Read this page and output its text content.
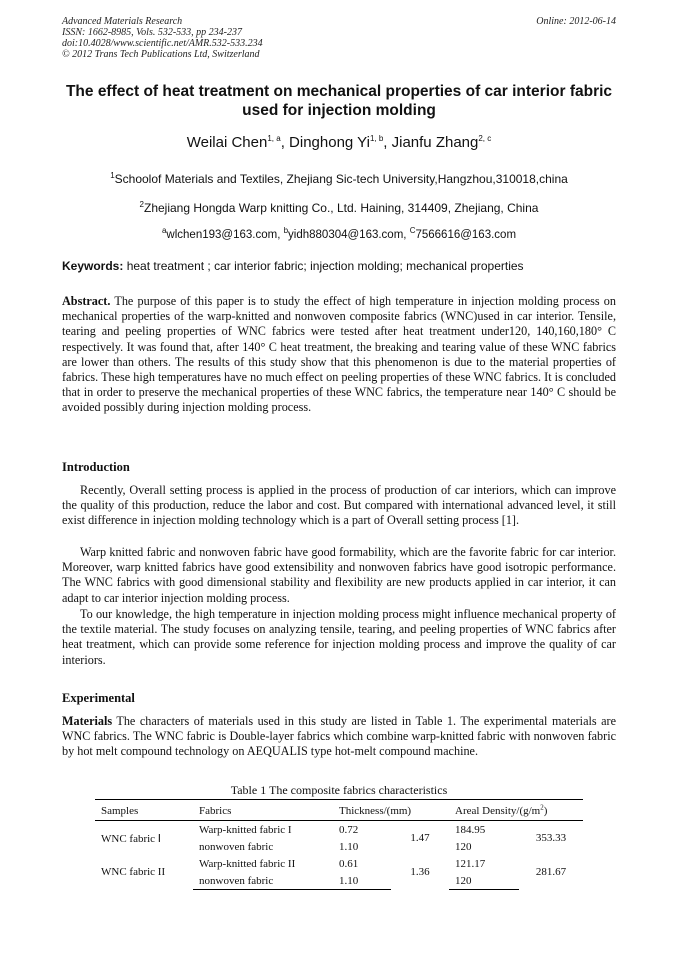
Advanced Materials Research
ISSN: 1662-8985, Vols. 532-533, pp 234-237
doi:10.4028/www.scientific.net/AMR.532-533.234
© 2012 Trans Tech Publications Ltd, Switzerland
Online: 2012-06-14
The effect of heat treatment on mechanical properties of car interior fabric used for injection molding
Weilai Chen$^{1, a}$, Dinghong Yi$^{1, b}$, Jianfu Zhang$^{2, c}$
$^1$Schoolof Materials and Textiles, Zhejiang Sic-tech University,Hangzhou,310018,china
$^2$Zhejiang Hongda Warp knitting Co., Ltd. Haining, 314409, Zhejiang, China
$^a$wlchen193@163.com, $^b$yidh880304@163.com, $^C$7566616@163.com
Keywords: heat treatment ; car interior fabric; injection molding; mechanical properties
Abstract. The purpose of this paper is to study the effect of high temperature in injection molding process on mechanical properties of the warp-knitted and nonwoven composite fabrics (WNC)used in car interior. Tensile, tearing and peeling properties of WNC fabrics were tested after heat treatment under120, 140,160,180° C respectively. It was found that, after 140° C heat treatment, the breaking and tearing value of these WNC fabrics are lower than others. The results of this study show that this phenomenon is due to the material properties of fabrics. These high temperatures have no much effect on peeling properties of these WNC fabrics. It is concluded that in order to preserve the mechanical properties of these WNC fabrics, the temperature near 140° C should be avoided possibly during injection molding process.
Introduction
Recently, Overall setting process is applied in the process of production of car interiors, which can improve the quality of this production, reduce the labor and cost. But compared with international advanced level, it still exist difference in injection molding technology which is a part of Overall setting process [1].
Warp knitted fabric and nonwoven fabric have good formability, which are the favorite fabric for car interior. Moreover, warp knitted fabrics have good extensibility and nonwoven fabrics have good isotropic performance. The WNC fabrics with good dimensional stability and flexibility are new products applied in car interior, it can adapt to car interior injection molding process.
To our knowledge, the high temperature in injection molding process might influence mechanical property of the textile material. The study focuses on analyzing tensile, tearing, and peeling properties of WNC fabrics after heat treatment, which can provide some reference for injection molding process and improve the quality of car interiors.
Experimental
Materials The characters of materials used in this study are listed in Table 1. The experimental materials are WNC fabrics. The WNC fabric is Double-layer fabrics which combine warp-knitted fabric with nonwoven fabric by hot melt compound technology on AEQUALIS type hot-melt compound machine.
Table 1 The composite fabrics characteristics
Samples	Fabrics	Thickness/(mm)		Areal Density/$(g/m^2)$	
WNC fabric Ⅰ	Warp-knitted fabric I	0.72	1.47	184.95	353.33
	nonwoven fabric	1.10		120	
WNC fabric II	Warp-knitted fabric II	0.61	1.36	121.17	281.67
	nonwoven fabric	1.10		120	
